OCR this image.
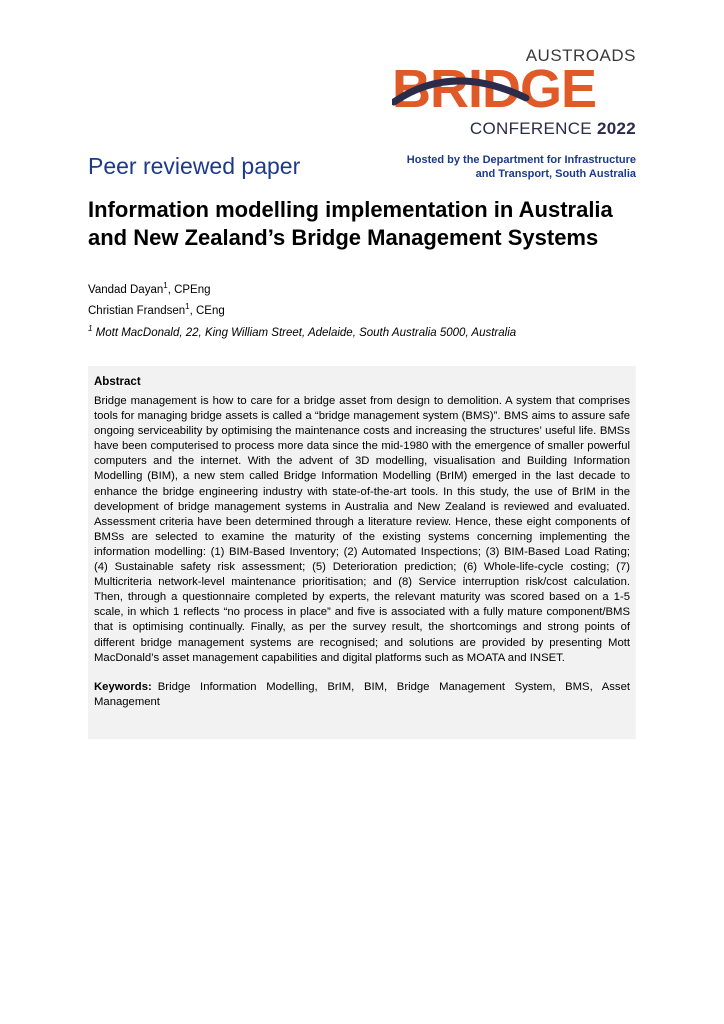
AUSTROADS
BRIDGE
CONFERENCE 2022
Peer reviewed paper	Hosted by the Department for Infrastructure
and Transport, South Australia
Information modelling implementation in Australia and New Zealand’s Bridge Management Systems
Vandad Dayan$^1$, CPEng
Christian Frandsen$^1$, CEng
$^1$ Mott MacDonald, 22, King William Street, Adelaide, South Australia 5000, Australia
Abstract
Bridge management is how to care for a bridge asset from design to demolition. A system that comprises tools for managing bridge assets is called a “bridge management system (BMS)”. BMS aims to assure safe ongoing serviceability by optimising the maintenance costs and increasing the structures’ useful life. BMSs have been computerised to process more data since the mid-1980 with the emergence of smaller powerful computers and the internet. With the advent of 3D modelling, visualisation and Building Information Modelling (BIM), a new stem called Bridge Information Modelling (BrIM) emerged in the last decade to enhance the bridge engineering industry with state-of-the-art tools. In this study, the use of BrIM in the development of bridge management systems in Australia and New Zealand is reviewed and evaluated. Assessment criteria have been determined through a literature review. Hence, these eight components of BMSs are selected to examine the maturity of the existing systems concerning implementing the information modelling: (1) BIM-Based Inventory; (2) Automated Inspections; (3) BIM-Based Load Rating; (4) Sustainable safety risk assessment; (5) Deterioration prediction; (6) Whole-life-cycle costing; (7) Multicriteria network-level maintenance prioritisation; and (8) Service interruption risk/cost calculation. Then, through a questionnaire completed by experts, the relevant maturity was scored based on a 1-5 scale, in which 1 reflects “no process in place” and five is associated with a fully mature component/BMS that is optimising continually. Finally, as per the survey result, the shortcomings and strong points of different bridge management systems are recognised; and solutions are provided by presenting Mott MacDonald’s asset management capabilities and digital platforms such as MOATA and INSET.
Keywords: Bridge Information Modelling, BrIM, BIM, Bridge Management System, BMS, Asset Management
